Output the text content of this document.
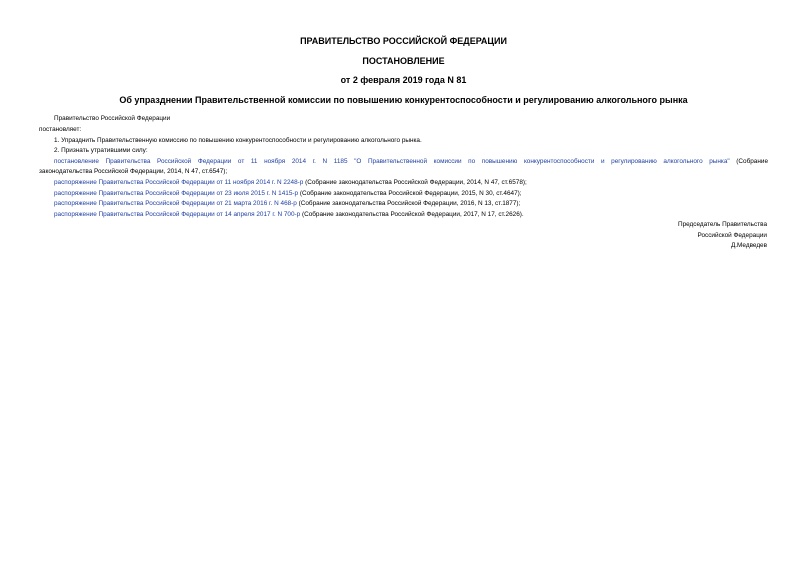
ПРАВИТЕЛЬСТВО РОССИЙСКОЙ ФЕДЕРАЦИИ
ПОСТАНОВЛЕНИЕ
от 2 февраля 2019 года N 81
Об упразднении Правительственной комиссии по повышению конкурентоспособности и регулированию алкогольного рынка
Правительство Российской Федерации
постановляет:
1. Упразднить Правительственную комиссию по повышению конкурентоспособности и регулированию алкогольного рынка.
2. Признать утратившими силу:
постановление Правительства Российской Федерации от 11 ноября 2014 г. N 1185 "О Правительственной комиссии по повышению конкурентоспособности и регулированию алкогольного рынка" (Собрание
законодательства Российской Федерации, 2014, N 47, ст.6547);
распоряжение Правительства Российской Федерации от 11 ноября 2014 г. N 2248-р (Собрание законодательства Российской Федерации, 2014, N 47, ст.6578);
распоряжение Правительства Российской Федерации от 23 июля 2015 г. N 1415-р (Собрание законодательства Российской Федерации, 2015, N 30, ст.4647);
распоряжение Правительства Российской Федерации от 21 марта 2016 г. N 468-р (Собрание законодательства Российской Федерации, 2016, N 13, ст.1877);
распоряжение Правительства Российской Федерации от 14 апреля 2017 г. N 700-р (Собрание законодательства Российской Федерации, 2017, N 17, ст.2626).
Председатель Правительства
Российской Федерации
Д.Медведев
